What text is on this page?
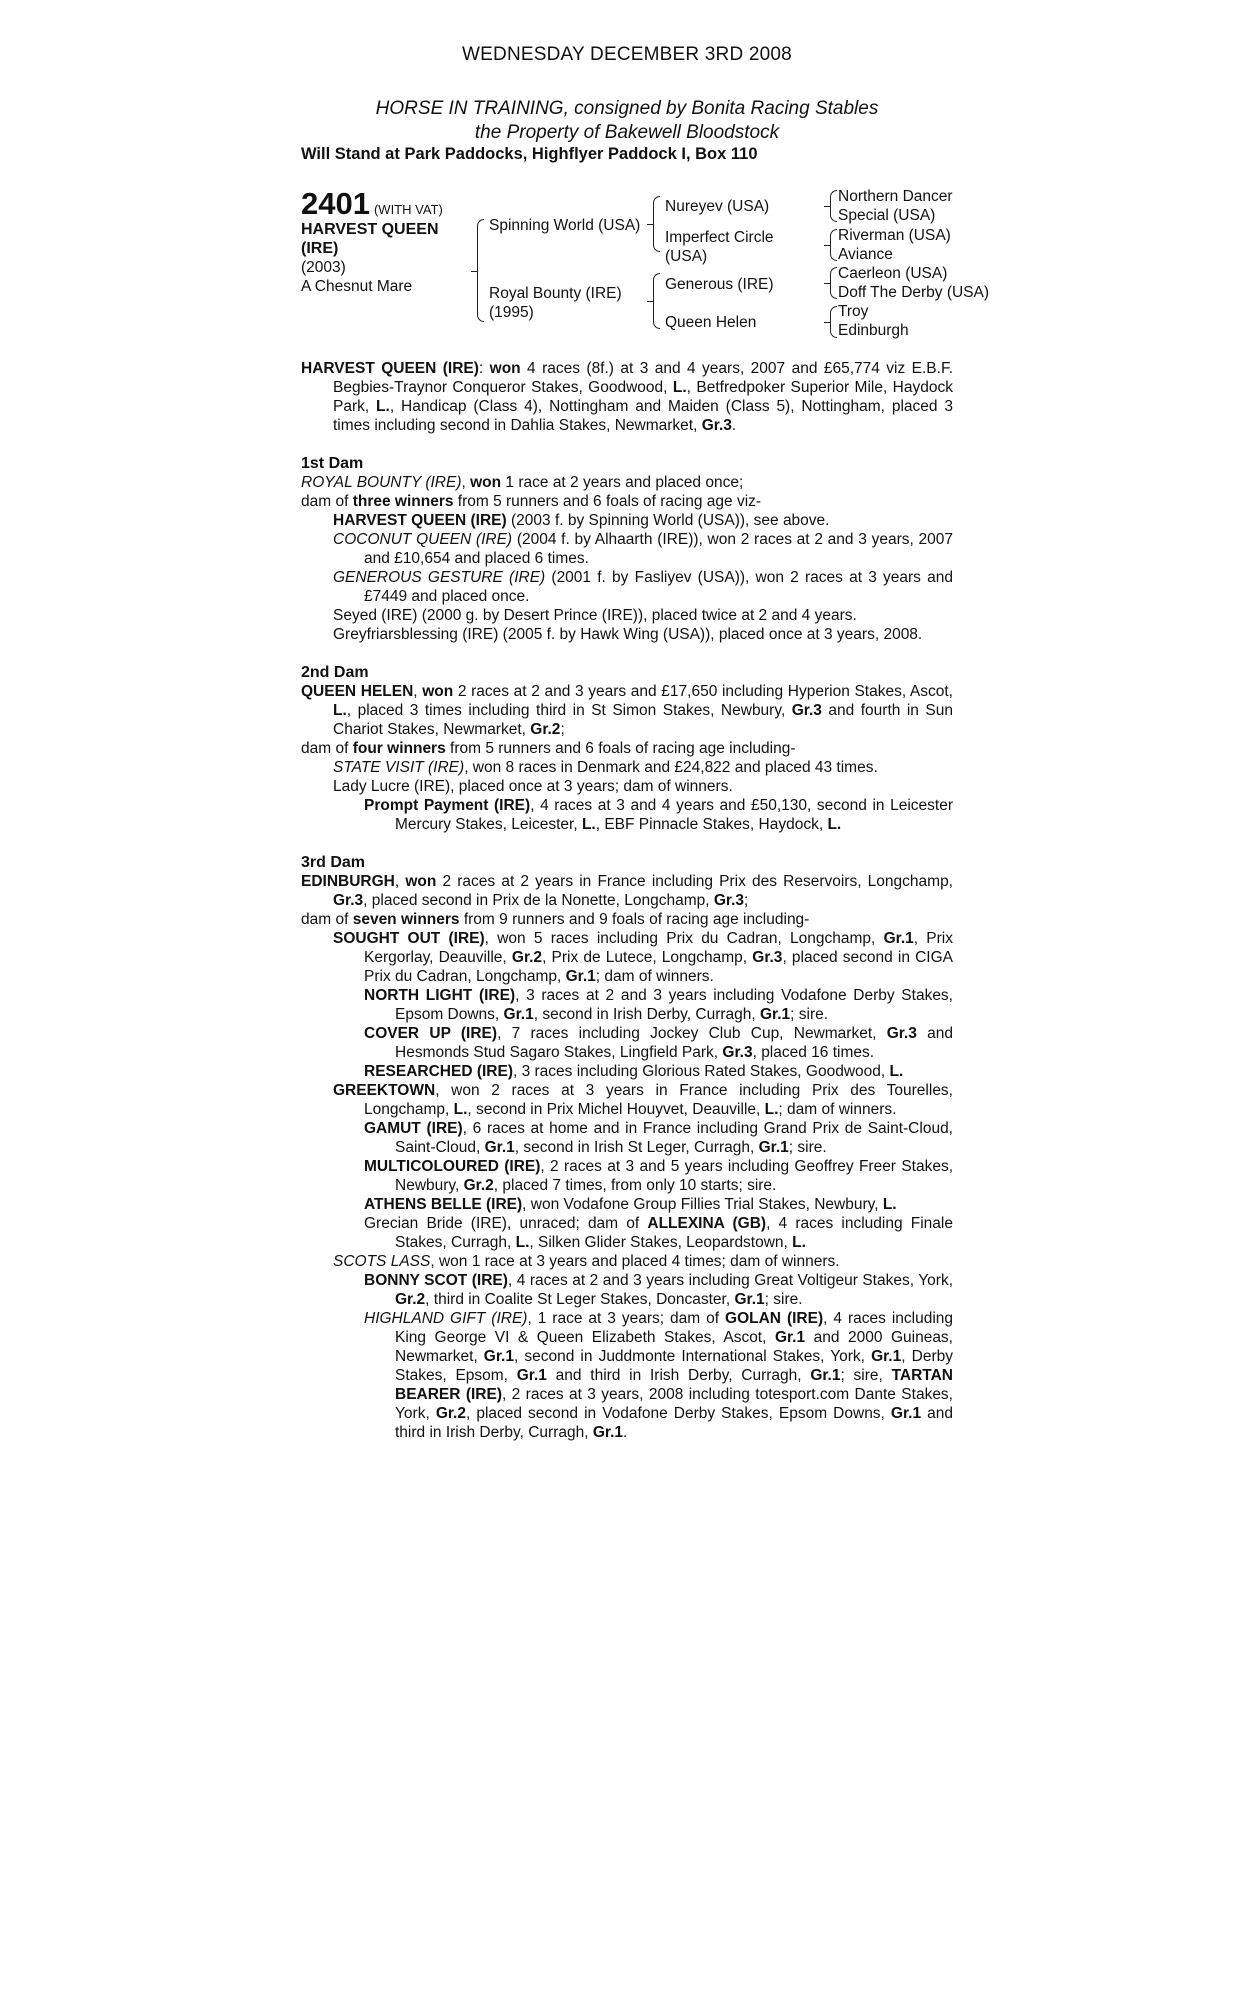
WEDNESDAY DECEMBER 3RD 2008
HORSE IN TRAINING, consigned by Bonita Racing Stables
the Property of Bakewell Bloodstock
Will Stand at Park Paddocks, Highflyer Paddock I, Box 110
2401 (WITH VAT)
HARVEST QUEEN
(IRE)
(2003)
A Chesnut Mare
Spinning World (USA)
Royal Bounty (IRE)
(1995)
Nureyev (USA)
Imperfect Circle
(USA)
Generous (IRE)
Queen Helen
Northern Dancer
Special (USA)
Riverman (USA)
Aviance
Caerleon (USA)
Doff The Derby (USA)
Troy
Edinburgh

HARVEST QUEEN (IRE): won 4 races (8f.) at 3 and 4 years, 2007 and £65,774 viz E.B.F. Begbies-Traynor Conqueror Stakes, Goodwood, L., Betfredpoker Superior Mile, Haydock Park, L., Handicap (Class 4), Nottingham and Maiden (Class 5), Nottingham, placed 3 times including second in Dahlia Stakes, Newmarket, Gr.3.

1st Dam

ROYAL BOUNTY (IRE), won 1 race at 2 years and placed once;

dam of three winners from 5 runners and 6 foals of racing age viz-

HARVEST QUEEN (IRE) (2003 f. by Spinning World (USA)), see above.

COCONUT QUEEN (IRE) (2004 f. by Alhaarth (IRE)), won 2 races at 2 and 3 years, 2007 and £10,654 and placed 6 times.

GENEROUS GESTURE (IRE) (2001 f. by Fasliyev (USA)), won 2 races at 3 years and £7449 and placed once.

Seyed (IRE) (2000 g. by Desert Prince (IRE)), placed twice at 2 and 4 years.

Greyfriarsblessing (IRE) (2005 f. by Hawk Wing (USA)), placed once at 3 years, 2008.

2nd Dam

QUEEN HELEN, won 2 races at 2 and 3 years and £17,650 including Hyperion Stakes, Ascot, L., placed 3 times including third in St Simon Stakes, Newbury, Gr.3 and fourth in Sun Chariot Stakes, Newmarket, Gr.2;

dam of four winners from 5 runners and 6 foals of racing age including-

STATE VISIT (IRE), won 8 races in Denmark and £24,822 and placed 43 times.

Lady Lucre (IRE), placed once at 3 years; dam of winners.

Prompt Payment (IRE), 4 races at 3 and 4 years and £50,130, second in Leicester Mercury Stakes, Leicester, L., EBF Pinnacle Stakes, Haydock, L.

3rd Dam

EDINBURGH, won 2 races at 2 years in France including Prix des Reservoirs, Longchamp, Gr.3, placed second in Prix de la Nonette, Longchamp, Gr.3;

dam of seven winners from 9 runners and 9 foals of racing age including-

SOUGHT OUT (IRE), won 5 races including Prix du Cadran, Longchamp, Gr.1, Prix Kergorlay, Deauville, Gr.2, Prix de Lutece, Longchamp, Gr.3, placed second in CIGA Prix du Cadran, Longchamp, Gr.1; dam of winners.

NORTH LIGHT (IRE), 3 races at 2 and 3 years including Vodafone Derby Stakes, Epsom Downs, Gr.1, second in Irish Derby, Curragh, Gr.1; sire.

COVER UP (IRE), 7 races including Jockey Club Cup, Newmarket, Gr.3 and Hesmonds Stud Sagaro Stakes, Lingfield Park, Gr.3, placed 16 times.

RESEARCHED (IRE), 3 races including Glorious Rated Stakes, Goodwood, L.

GREEKTOWN, won 2 races at 3 years in France including Prix des Tourelles, Longchamp, L., second in Prix Michel Houyvet, Deauville, L.; dam of winners.

GAMUT (IRE), 6 races at home and in France including Grand Prix de Saint-Cloud, Saint-Cloud, Gr.1, second in Irish St Leger, Curragh, Gr.1; sire.

MULTICOLOURED (IRE), 2 races at 3 and 5 years including Geoffrey Freer Stakes, Newbury, Gr.2, placed 7 times, from only 10 starts; sire.

ATHENS BELLE (IRE), won Vodafone Group Fillies Trial Stakes, Newbury, L.

Grecian Bride (IRE), unraced; dam of ALLEXINA (GB), 4 races including Finale Stakes, Curragh, L., Silken Glider Stakes, Leopardstown, L.

SCOTS LASS, won 1 race at 3 years and placed 4 times; dam of winners.

BONNY SCOT (IRE), 4 races at 2 and 3 years including Great Voltigeur Stakes, York, Gr.2, third in Coalite St Leger Stakes, Doncaster, Gr.1; sire.

HIGHLAND GIFT (IRE), 1 race at 3 years; dam of GOLAN (IRE), 4 races including King George VI & Queen Elizabeth Stakes, Ascot, Gr.1 and 2000 Guineas, Newmarket, Gr.1, second in Juddmonte International Stakes, York, Gr.1, Derby Stakes, Epsom, Gr.1 and third in Irish Derby, Curragh, Gr.1; sire, TARTAN BEARER (IRE), 2 races at 3 years, 2008 including totesport.com Dante Stakes, York, Gr.2, placed second in Vodafone Derby Stakes, Epsom Downs, Gr.1 and third in Irish Derby, Curragh, Gr.1.
